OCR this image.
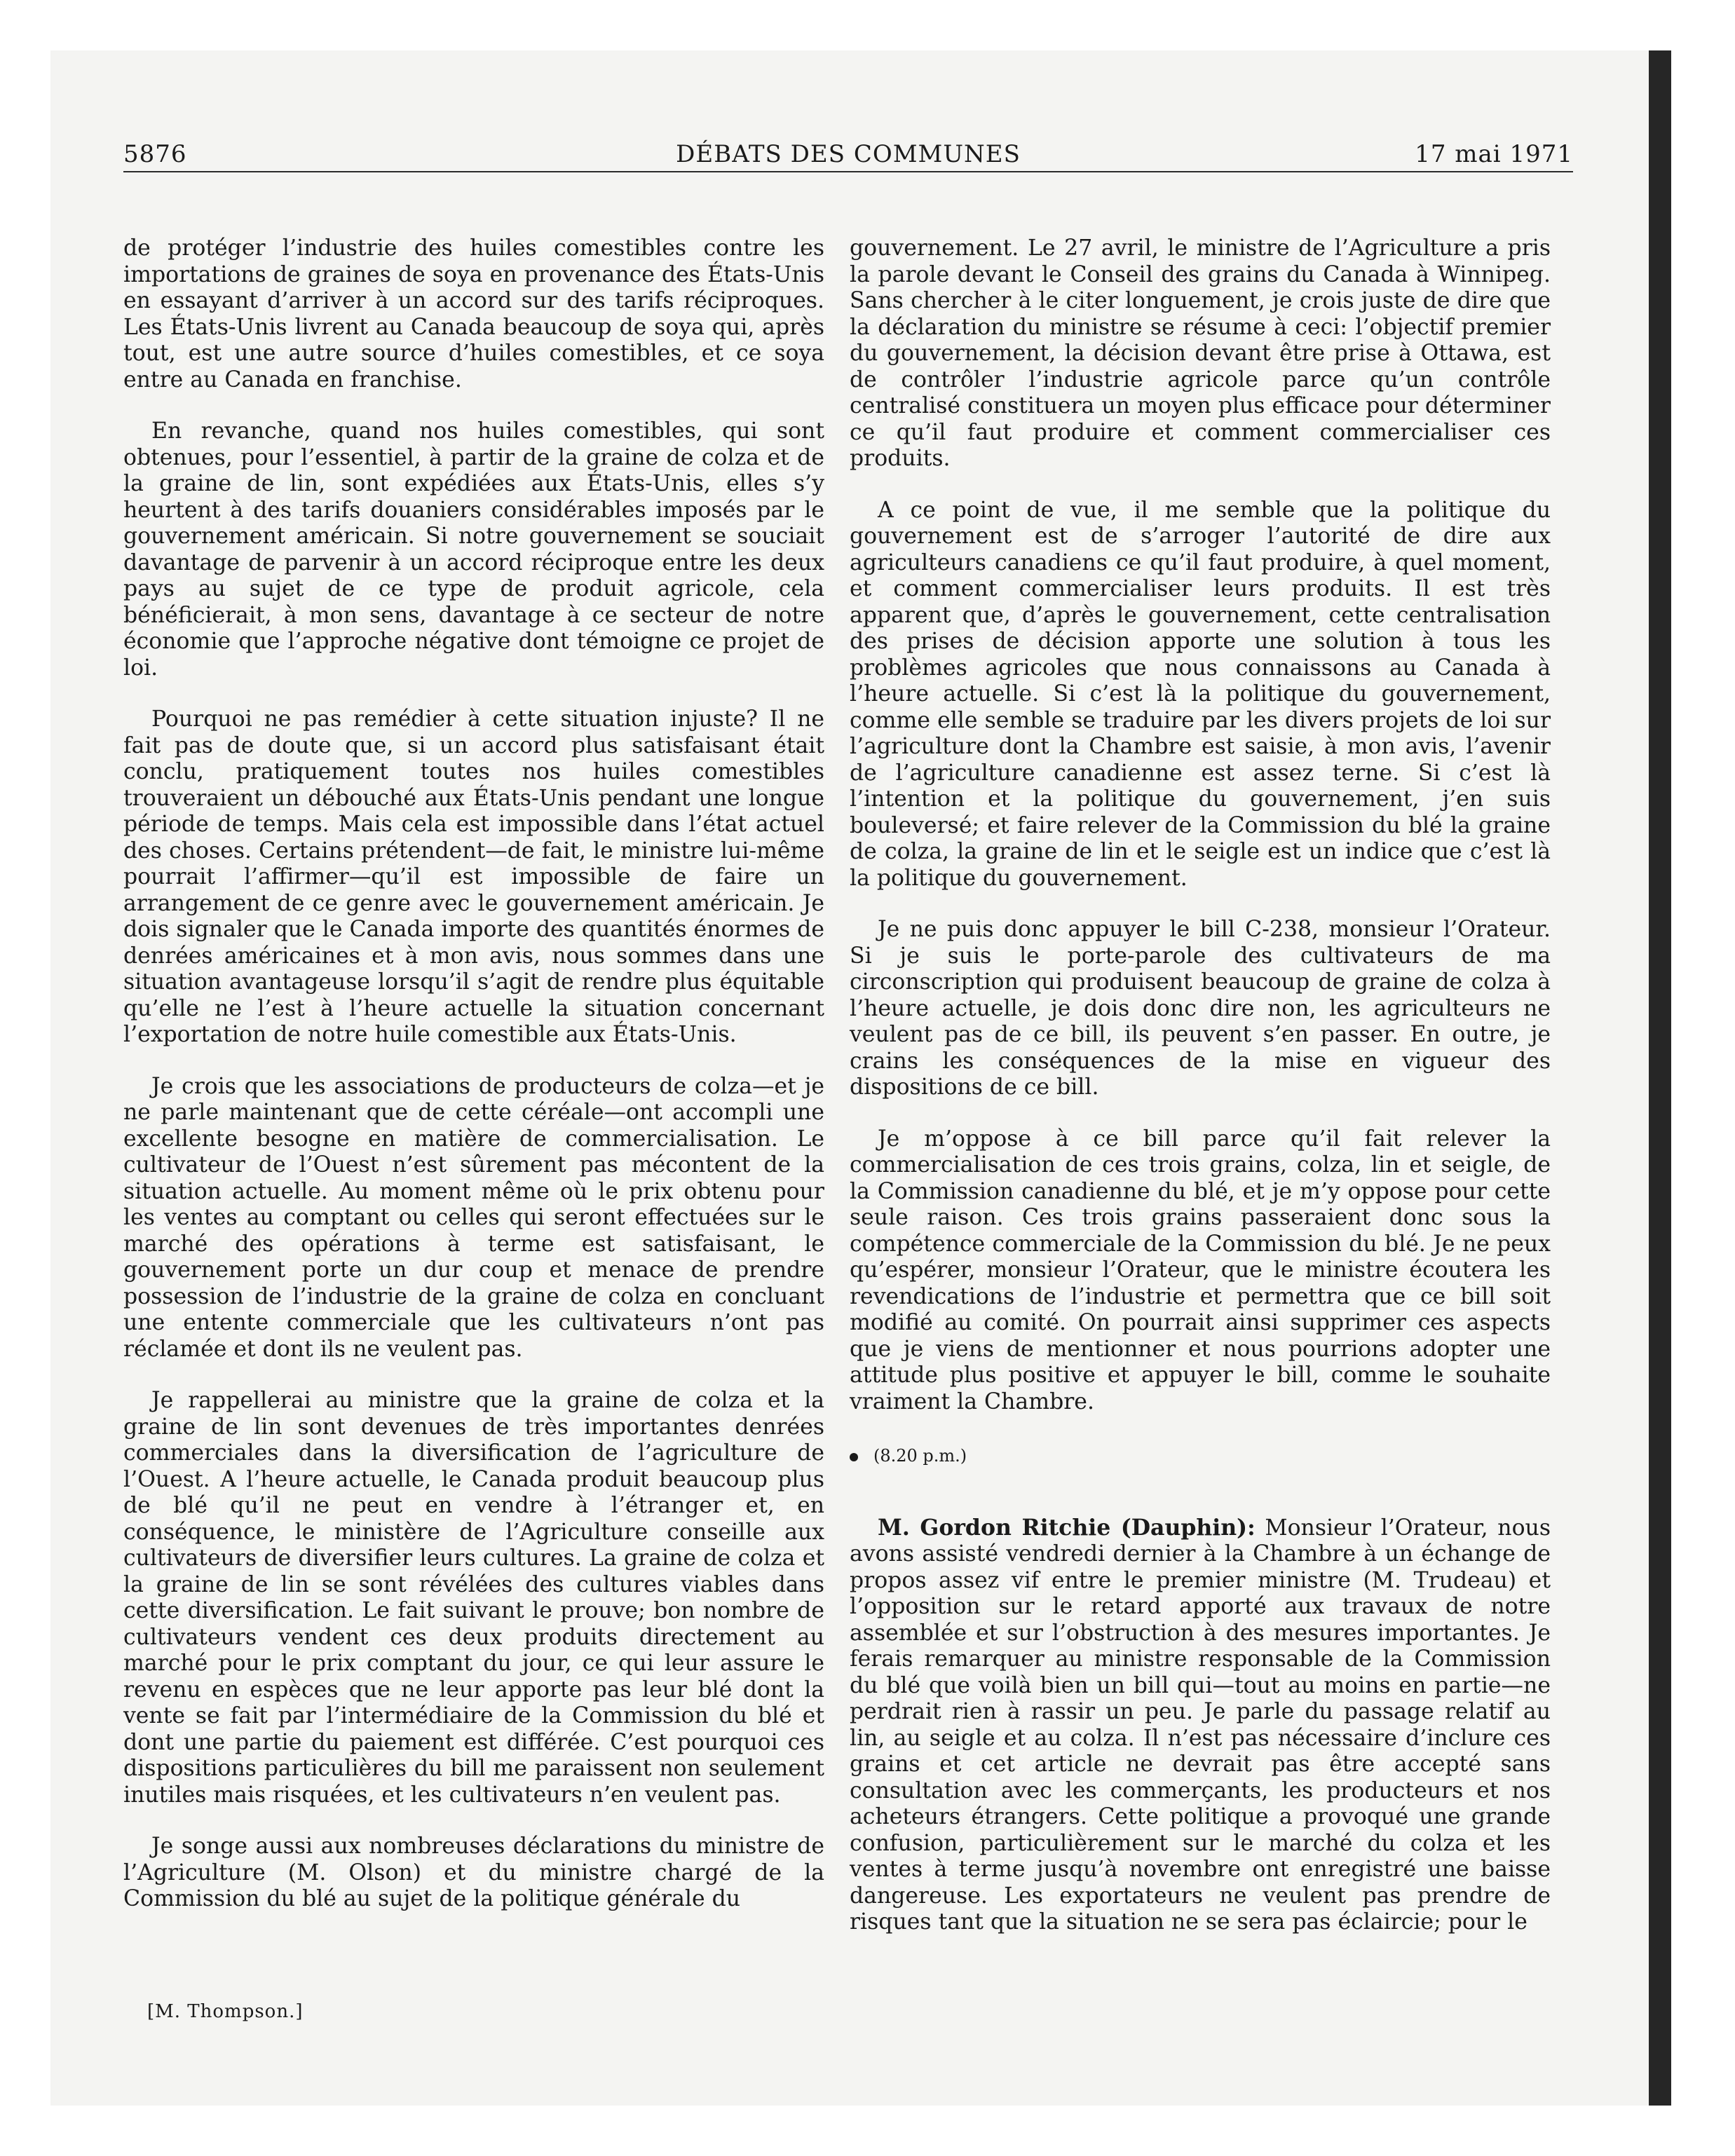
5876	DÉBATS DES COMMUNES	17 mai 1971

de protéger l’industrie des huiles comestibles contre les importations de graines de soya en provenance des États-Unis en essayant d’arriver à un accord sur des tarifs réciproques. Les États-Unis livrent au Canada beaucoup de soya qui, après tout, est une autre source d’huiles comestibles, et ce soya entre au Canada en franchise.

En revanche, quand nos huiles comestibles, qui sont obtenues, pour l’essentiel, à partir de la graine de colza et de la graine de lin, sont expédiées aux États-Unis, elles s’y heurtent à des tarifs douaniers considérables imposés par le gouvernement américain. Si notre gouvernement se souciait davantage de parvenir à un accord réciproque entre les deux pays au sujet de ce type de produit agricole, cela bénéficierait, à mon sens, davantage à ce secteur de notre économie que l’approche négative dont témoigne ce projet de loi.

Pourquoi ne pas remédier à cette situation injuste? Il ne fait pas de doute que, si un accord plus satisfaisant était conclu, pratiquement toutes nos huiles comestibles trouveraient un débouché aux États-Unis pendant une longue période de temps. Mais cela est impossible dans l’état actuel des choses. Certains prétendent—de fait, le ministre lui-même pourrait l’affirmer—qu’il est impossible de faire un arrangement de ce genre avec le gouvernement américain. Je dois signaler que le Canada importe des quantités énormes de denrées américaines et à mon avis, nous sommes dans une situation avantageuse lorsqu’il s’agit de rendre plus équitable qu’elle ne l’est à l’heure actuelle la situation concernant l’exportation de notre huile comestible aux États-Unis.

Je crois que les associations de producteurs de colza—et je ne parle maintenant que de cette céréale—ont accompli une excellente besogne en matière de commercialisation. Le cultivateur de l’Ouest n’est sûrement pas mécontent de la situation actuelle. Au moment même où le prix obtenu pour les ventes au comptant ou celles qui seront effectuées sur le marché des opérations à terme est satisfaisant, le gouvernement porte un dur coup et menace de prendre possession de l’industrie de la graine de colza en concluant une entente commerciale que les cultivateurs n’ont pas réclamée et dont ils ne veulent pas.

Je rappellerai au ministre que la graine de colza et la graine de lin sont devenues de très importantes denrées commerciales dans la diversification de l’agriculture de l’Ouest. A l’heure actuelle, le Canada produit beaucoup plus de blé qu’il ne peut en vendre à l’étranger et, en conséquence, le ministère de l’Agriculture conseille aux cultivateurs de diversifier leurs cultures. La graine de colza et la graine de lin se sont révélées des cultures viables dans cette diversification. Le fait suivant le prouve; bon nombre de cultivateurs vendent ces deux produits directement au marché pour le prix comptant du jour, ce qui leur assure le revenu en espèces que ne leur apporte pas leur blé dont la vente se fait par l’intermédiaire de la Commission du blé et dont une partie du paiement est différée. C’est pourquoi ces dispositions particulières du bill me paraissent non seulement inutiles mais risquées, et les cultivateurs n’en veulent pas.

Je songe aussi aux nombreuses déclarations du ministre de l’Agriculture (M. Olson) et du ministre chargé de la Commission du blé au sujet de la politique générale du

[M. Thompson.]

gouvernement. Le 27 avril, le ministre de l’Agriculture a pris la parole devant le Conseil des grains du Canada à Winnipeg. Sans chercher à le citer longuement, je crois juste de dire que la déclaration du ministre se résume à ceci: l’objectif premier du gouvernement, la décision devant être prise à Ottawa, est de contrôler l’industrie agricole parce qu’un contrôle centralisé constituera un moyen plus efficace pour déterminer ce qu’il faut produire et comment commercialiser ces produits.

A ce point de vue, il me semble que la politique du gouvernement est de s’arroger l’autorité de dire aux agriculteurs canadiens ce qu’il faut produire, à quel moment, et comment commercialiser leurs produits. Il est très apparent que, d’après le gouvernement, cette centralisation des prises de décision apporte une solution à tous les problèmes agricoles que nous connaissons au Canada à l’heure actuelle. Si c’est là la politique du gouvernement, comme elle semble se traduire par les divers projets de loi sur l’agriculture dont la Chambre est saisie, à mon avis, l’avenir de l’agriculture canadienne est assez terne. Si c’est là l’intention et la politique du gouvernement, j’en suis bouleversé; et faire relever de la Commission du blé la graine de colza, la graine de lin et le seigle est un indice que c’est là la politique du gouvernement.

Je ne puis donc appuyer le bill C-238, monsieur l’Orateur. Si je suis le porte-parole des cultivateurs de ma circonscription qui produisent beaucoup de graine de colza à l’heure actuelle, je dois donc dire non, les agriculteurs ne veulent pas de ce bill, ils peuvent s’en passer. En outre, je crains les conséquences de la mise en vigueur des dispositions de ce bill.

Je m’oppose à ce bill parce qu’il fait relever la commercialisation de ces trois grains, colza, lin et seigle, de la Commission canadienne du blé, et je m’y oppose pour cette seule raison. Ces trois grains passeraient donc sous la compétence commerciale de la Commission du blé. Je ne peux qu’espérer, monsieur l’Orateur, que le ministre écoutera les revendications de l’industrie et permettra que ce bill soit modifié au comité. On pourrait ainsi supprimer ces aspects que je viens de mentionner et nous pourrions adopter une attitude plus positive et appuyer le bill, comme le souhaite vraiment la Chambre.

(8.20 p.m.)

M. Gordon Ritchie (Dauphin): Monsieur l’Orateur, nous avons assisté vendredi dernier à la Chambre à un échange de propos assez vif entre le premier ministre (M. Trudeau) et l’opposition sur le retard apporté aux travaux de notre assemblée et sur l’obstruction à des mesures importantes. Je ferais remarquer au ministre responsable de la Commission du blé que voilà bien un bill qui—tout au moins en partie—ne perdrait rien à rassir un peu. Je parle du passage relatif au lin, au seigle et au colza. Il n’est pas nécessaire d’inclure ces grains et cet article ne devrait pas être accepté sans consultation avec les commerçants, les producteurs et nos acheteurs étrangers. Cette politique a provoqué une grande confusion, particulièrement sur le marché du colza et les ventes à terme jusqu’à novembre ont enregistré une baisse dangereuse. Les exportateurs ne veulent pas prendre de risques tant que la situation ne se sera pas éclaircie; pour le
